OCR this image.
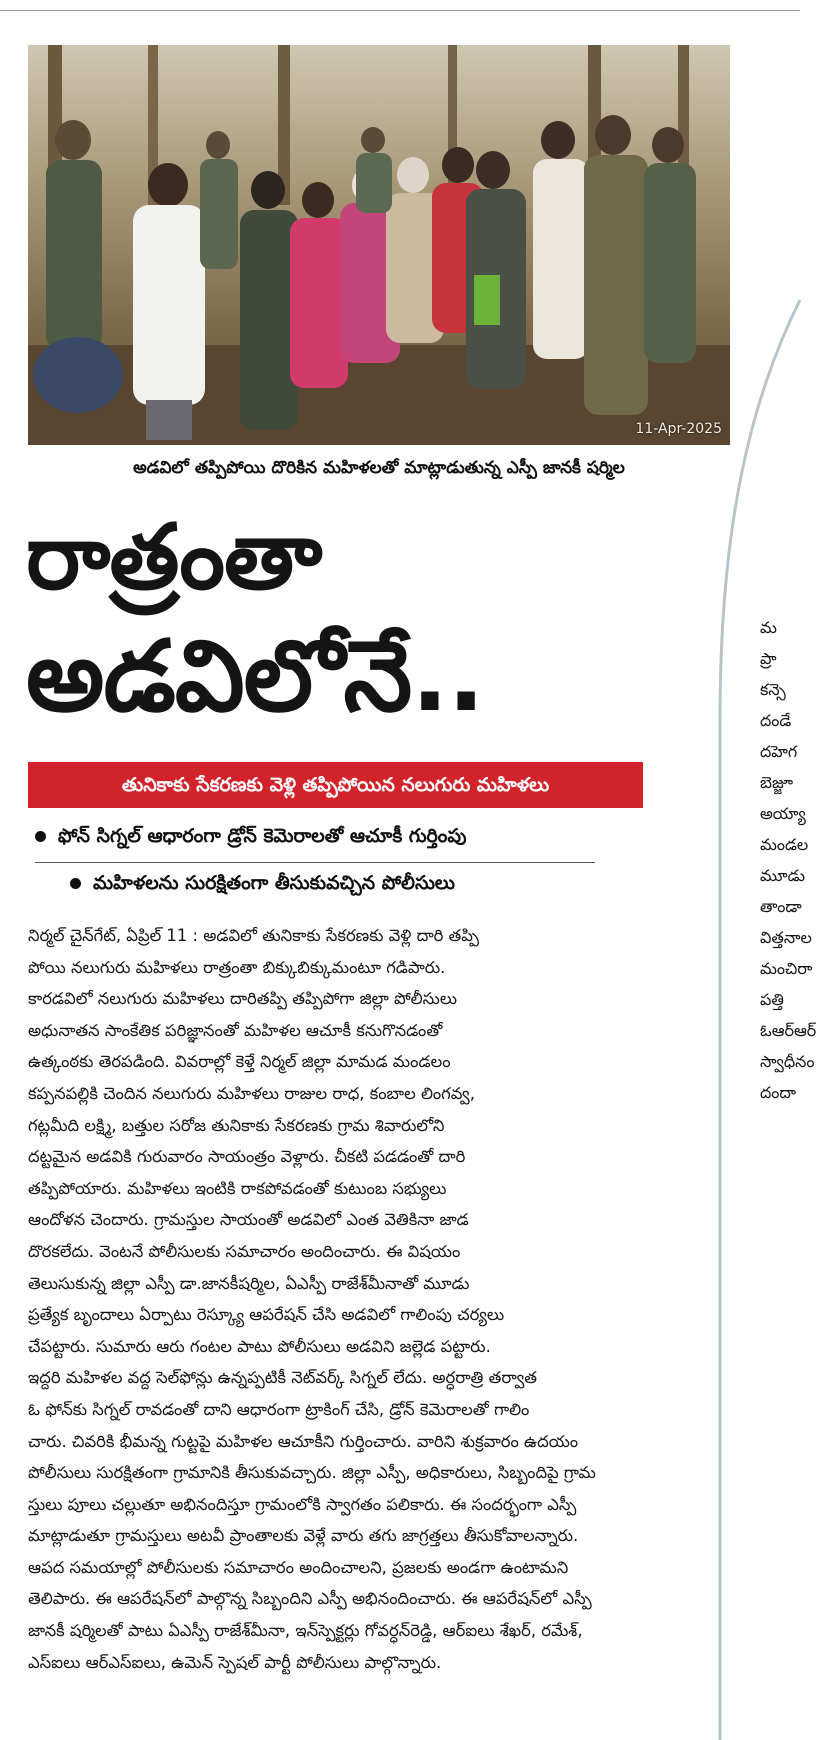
11-Apr-2025
అడవిలో తప్పిపోయి దొరికిన మహిళలతో మాట్లాడుతున్న ఎస్పీ జానకీ షర్మిల
రాత్రంతా
అడవిలోనే..
తునికాకు సేకరణకు వెళ్లి తప్పిపోయిన నలుగురు మహిళలు
ఫోన్ సిగ్నల్ ఆధారంగా డ్రోన్ కెమెరాలతో ఆచూకీ గుర్తింపు
మహిళలను సురక్షితంగా తీసుకువచ్చిన పోలీసులు
నిర్మల్ చైన్‌గేట్, ఏప్రిల్ 11 : అడవిలో తునికాకు సేకరణకు వెళ్లి దారి తప్పి
పోయి నలుగురు మహిళలు రాత్రంతా బిక్కుబిక్కుమంటూ గడిపారు.
కారడవిలో నలుగురు మహిళలు దారితప్పి తప్పిపోగా జిల్లా పోలీసులు
అధునాతన సాంకేతిక పరిజ్ఞానంతో మహిళల ఆచూకీ కనుగొనడంతో
ఉత్కంఠకు తెరపడింది. వివరాల్లో కెళ్తే నిర్మల్ జిల్లా మామడ మండలం
కప్పనపల్లికి చెందిన నలుగురు మహిళలు రాజుల రాధ, కంబాల లింగవ్వ,
గట్లమీది లక్ష్మి, బత్తుల సరోజ తునికాకు సేకరణకు గ్రామ శివారులోని
దట్టమైన అడవికి గురువారం సాయంత్రం వెళ్లారు. చీకటి పడడంతో దారి
తప్పిపోయారు. మహిళలు ఇంటికి రాకపోవడంతో కుటుంబ సభ్యులు
ఆందోళన చెందారు. గ్రామస్తుల సాయంతో అడవిలో ఎంత వెతికినా జాడ
దొరకలేదు. వెంటనే పోలీసులకు సమాచారం అందించారు. ఈ విషయం
తెలుసుకున్న జిల్లా ఎస్పీ డా.జానకీషర్మిల, ఏఎస్పీ రాజేశ్‌మీనాతో మూడు
ప్రత్యేక బృందాలు ఏర్పాటు రెస్క్యూ ఆపరేషన్ చేసి అడవిలో గాలింపు చర్యలు
చేపట్టారు. సుమారు ఆరు గంటల పాటు పోలీసులు అడవిని జల్లెడ పట్టారు.
ఇద్దరి మహిళల వద్ద సెల్‌ఫోన్లు ఉన్నప్పటికీ నెట్‌వర్క్ సిగ్నల్ లేదు. అర్ధరాత్రి తర్వాత
ఓ ఫోన్‌కు సిగ్నల్ రావడంతో దాని ఆధారంగా ట్రాకింగ్ చేసి, డ్రోన్ కెమెరాలతో గాలిం
చారు. చివరికి భీమన్న గుట్టపై మహిళల ఆచూకీని గుర్తించారు. వారిని శుక్రవారం ఉదయం
పోలీసులు సురక్షితంగా గ్రామానికి తీసుకువచ్చారు. జిల్లా ఎస్పీ, అధికారులు, సిబ్బందిపై గ్రామ
స్తులు పూలు చల్లుతూ అభినందిస్తూ గ్రామంలోకి స్వాగతం పలికారు. ఈ సందర్భంగా ఎస్పీ
మాట్లాడుతూ గ్రామస్తులు అటవీ ప్రాంతాలకు వెళ్లే వారు తగు జాగ్రత్తలు తీసుకోవాలన్నారు.
ఆపద సమయాల్లో పోలీసులకు సమాచారం అందించాలని, ప్రజలకు అండగా ఉంటామని
తెలిపారు. ఈ ఆపరేషన్‌లో పాల్గొన్న సిబ్బందిని ఎస్పీ అభినందించారు. ఈ ఆపరేషన్‌లో ఎస్పీ
జానకీ షర్మిలతో పాటు ఏఎస్పీ రాజేశ్‌మీనా, ఇన్‌స్పెక్టర్లు గోవర్ధన్‌రెడ్డి, ఆర్‌ఐలు శేఖర్, రమేశ్,
ఎస్‌ఐలు ఆర్‌ఎస్‌ఐలు, ఉమెన్ స్పెషల్ పార్టీ పోలీసులు పాల్గొన్నారు.
మ
ప్రా
కన్సె
దండే
దహెగ
బెజ్జూ
అయ్యా
మండల
మూడు
తాండా
విత్తనాల
మంచిరా
పత్తి
ఓఆర్ఆర్
స్వాధీనం
దందా
